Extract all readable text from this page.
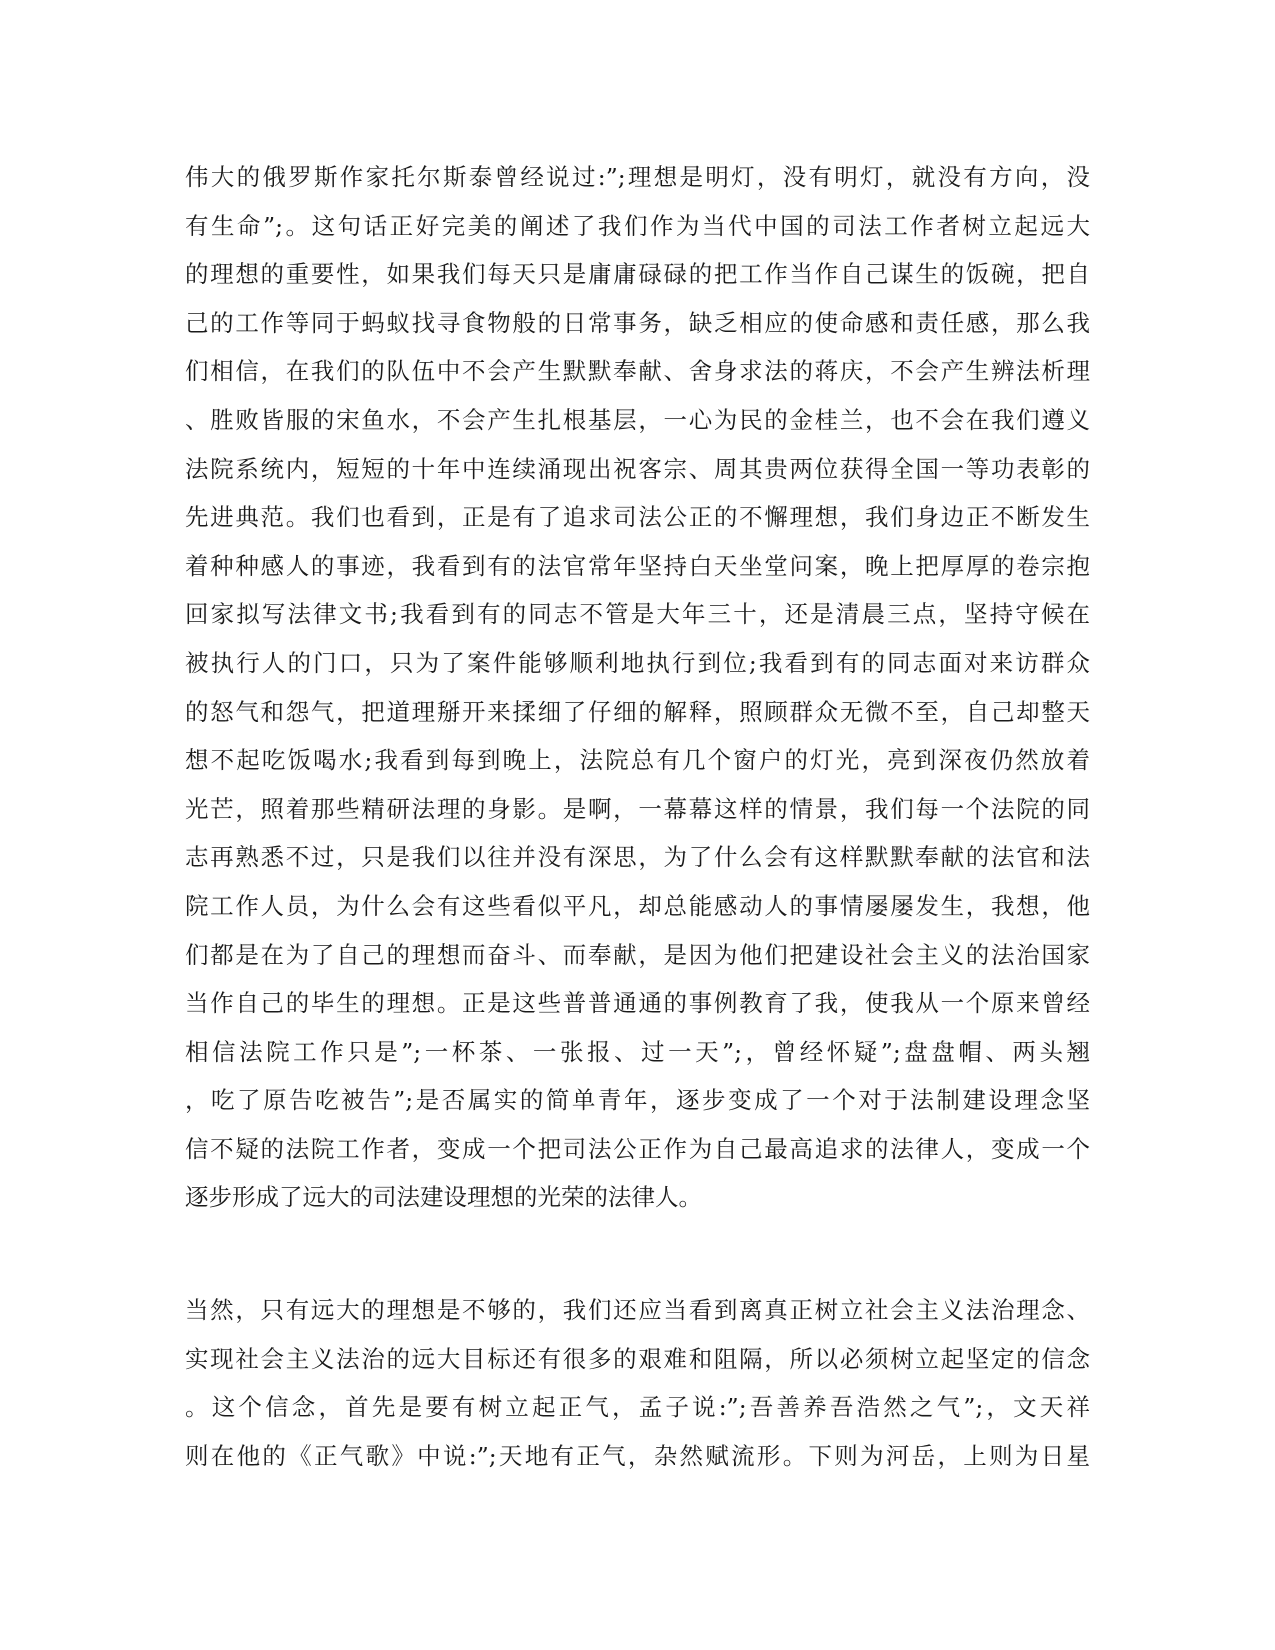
伟大的俄罗斯作家托尔斯泰曾经说过:”;理想是明灯，没有明灯，就没有方向，没
有生命”;。这句话正好完美的阐述了我们作为当代中国的司法工作者树立起远大
的理想的重要性，如果我们每天只是庸庸碌碌的把工作当作自己谋生的饭碗，把自
己的工作等同于蚂蚁找寻食物般的日常事务，缺乏相应的使命感和责任感，那么我
们相信，在我们的队伍中不会产生默默奉献、舍身求法的蒋庆，不会产生辨法析理
、胜败皆服的宋鱼水，不会产生扎根基层，一心为民的金桂兰，也不会在我们遵义
法院系统内，短短的十年中连续涌现出祝客宗、周其贵两位获得全国一等功表彰的
先进典范。我们也看到，正是有了追求司法公正的不懈理想，我们身边正不断发生
着种种感人的事迹，我看到有的法官常年坚持白天坐堂问案，晚上把厚厚的卷宗抱
回家拟写法律文书;我看到有的同志不管是大年三十，还是清晨三点，坚持守候在
被执行人的门口，只为了案件能够顺利地执行到位;我看到有的同志面对来访群众
的怒气和怨气，把道理掰开来揉细了仔细的解释，照顾群众无微不至，自己却整天
想不起吃饭喝水;我看到每到晚上，法院总有几个窗户的灯光，亮到深夜仍然放着
光芒，照着那些精研法理的身影。是啊，一幕幕这样的情景，我们每一个法院的同
志再熟悉不过，只是我们以往并没有深思，为了什么会有这样默默奉献的法官和法
院工作人员，为什么会有这些看似平凡，却总能感动人的事情屡屡发生，我想，他
们都是在为了自己的理想而奋斗、而奉献，是因为他们把建设社会主义的法治国家
当作自己的毕生的理想。正是这些普普通通的事例教育了我，使我从一个原来曾经
相信法院工作只是”;一杯茶、一张报、过一天”;，曾经怀疑”;盘盘帽、两头翘
，吃了原告吃被告”;是否属实的简单青年，逐步变成了一个对于法制建设理念坚
信不疑的法院工作者，变成一个把司法公正作为自己最高追求的法律人，变成一个
逐步形成了远大的司法建设理想的光荣的法律人。
当然，只有远大的理想是不够的，我们还应当看到离真正树立社会主义法治理念、
实现社会主义法治的远大目标还有很多的艰难和阻隔，所以必须树立起坚定的信念
。这个信念，首先是要有树立起正气，孟子说:”;吾善养吾浩然之气”;，文天祥
则在他的《正气歌》中说:”;天地有正气，杂然赋流形。下则为河岳，上则为日星
